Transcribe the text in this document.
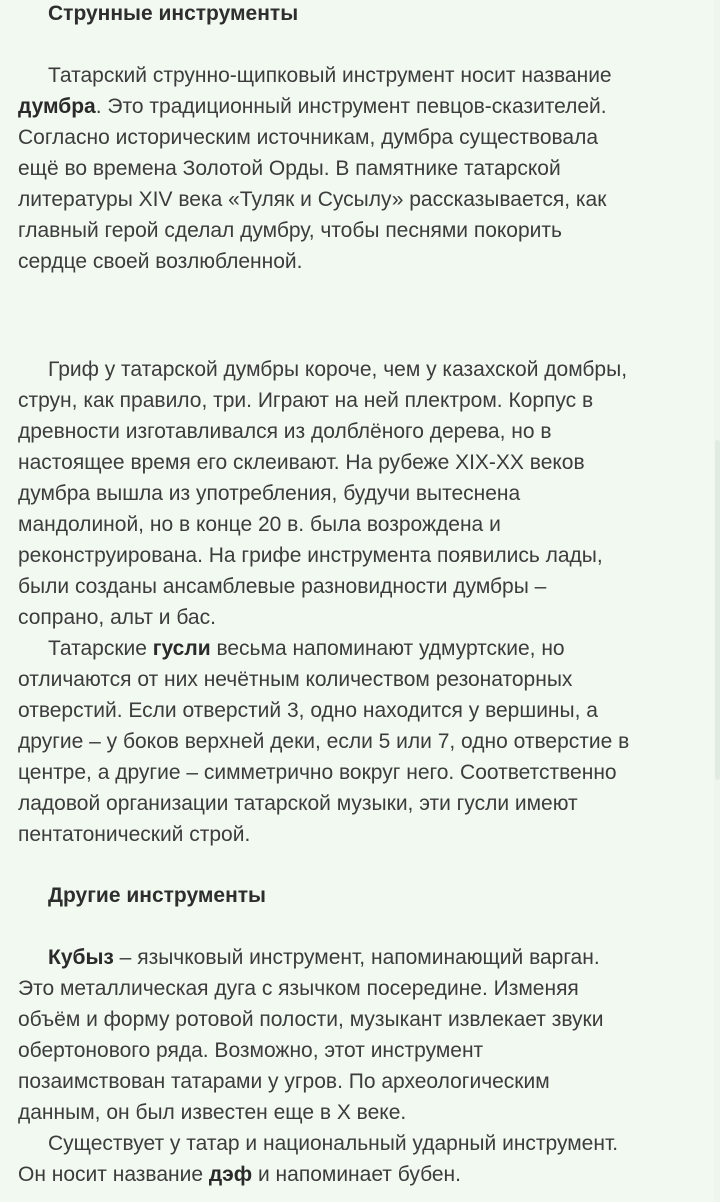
Струнные инструменты
Татарский струнно-щипковый инструмент носит название
думбра. Это традиционный инструмент певцов-сказителей.
Согласно историческим источникам, думбра существовала
ещё во времена Золотой Орды. В памятнике татарской
литературы XIV века «Туляк и Сусылу» рассказывается, как
главный герой сделал думбру, чтобы песнями покорить
сердце своей возлюбленной.
Гриф у татарской думбры короче, чем у казахской домбры,
струн, как правило, три. Играют на ней плектром. Корпус в
древности изготавливался из долблёного дерева, но в
настоящее время его склеивают. На рубеже XIX-XX веков
думбра вышла из употребления, будучи вытеснена
мандолиной, но в конце 20 в. была возрождена и
реконструирована. На грифе инструмента появились лады,
были созданы ансамблевые разновидности думбры –
сопрано, альт и бас.
Татарские гусли весьма напоминают удмуртские, но
отличаются от них нечётным количеством резонаторных
отверстий. Если отверстий 3, одно находится у вершины, а
другие – у боков верхней деки, если 5 или 7, одно отверстие в
центре, а другие – симметрично вокруг него. Соответственно
ладовой организации татарской музыки, эти гусли имеют
пентатонический строй.
Другие инструменты
Кубыз – язычковый инструмент, напоминающий варган.
Это металлическая дуга с язычком посередине. Изменяя
объём и форму ротовой полости, музыкант извлекает звуки
обертонового ряда. Возможно, этот инструмент
позаимствован татарами у угров. По археологическим
данным, он был известен еще в X веке.
Существует у татар и национальный ударный инструмент.
Он носит название дэф и напоминает бубен.
